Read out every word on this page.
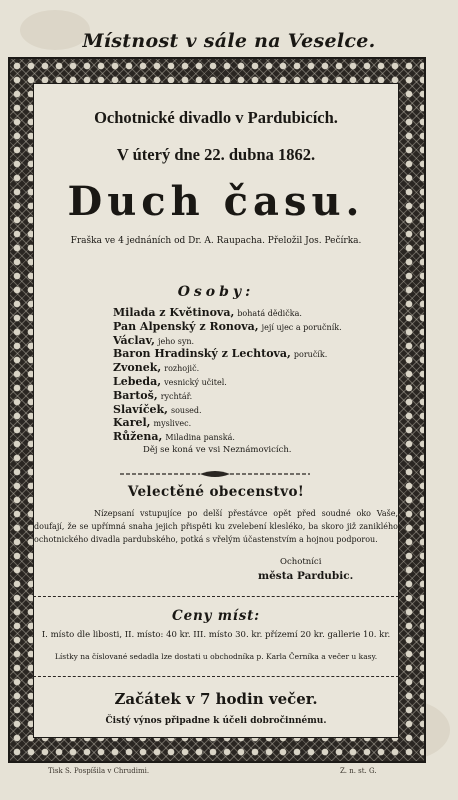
Místnost v sále na Veselce.
Ochotnické divadlo v Pardubicích.
V úterý dne 22. dubna 1862.
Duch času.
Fraška ve 4 jednáních od Dr. A. Raupacha. Přeložil Jos. Pečírka.
Osoby:
Milada z Květinova, bohatá dědička.
Pan Alpenský z Ronova, její ujec a poručník.
Václav, jeho syn.
Baron Hradinský z Lechtova, poručík.
Zvonek, rozhojič.
Lebeda, vesnický učitel.
Bartoš, rychtář.
Slavíček, soused.
Karel, myslivec.
Růžena, Miladina panská.
Děj se koná ve vsi Neznámovicích.
Velectěné obecenstvo!

Nízepsaní vstupujíce po delší přestávce opět před soudné oko Vaše, doufají, že se upřímná snaha jejich přispěti ku zvelebení klesléko, ba skoro již zaniklého ochotnického divadla pardubského, potká s vřelým účastenstvím a hojnou podporou.

Ochotníci
města Pardubic.
Ceny míst:
I. místo dle libosti, II. místo: 40 kr. III. místo 30. kr. přízemí 20 kr. gallerie 10. kr.
Lístky na číslované sedadla lze dostati u obchodníka p. Karla Černíka a večer u kasy.
Začátek v 7 hodin večer.
Čistý výnos připadne k účeli dobročinnému.
Tisk S. Pospíšila v Chrudimi.	Z. n. st. G.
